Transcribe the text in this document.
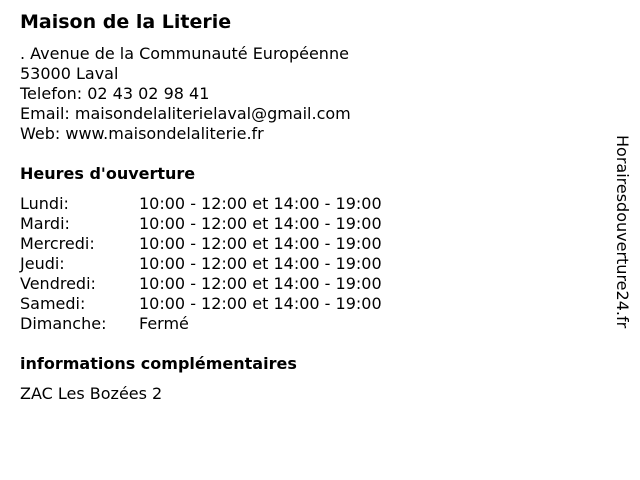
Maison de la Literie
. Avenue de la Communauté Européenne
53000 Laval
Telefon: 02 43 02 98 41
Email: maisondelaliterielaval@gmail.com
Web: www.maisondelaliterie.fr
Heures d'ouverture
Lundi:	10:00 - 12:00 et 14:00 - 19:00
Mardi:	10:00 - 12:00 et 14:00 - 19:00
Mercredi:	10:00 - 12:00 et 14:00 - 19:00
Jeudi:	10:00 - 12:00 et 14:00 - 19:00
Vendredi:	10:00 - 12:00 et 14:00 - 19:00
Samedi:	10:00 - 12:00 et 14:00 - 19:00
Dimanche: Fermé
informations complémentaires
ZAC Les Bozées 2
Horairesdouverture24.fr
